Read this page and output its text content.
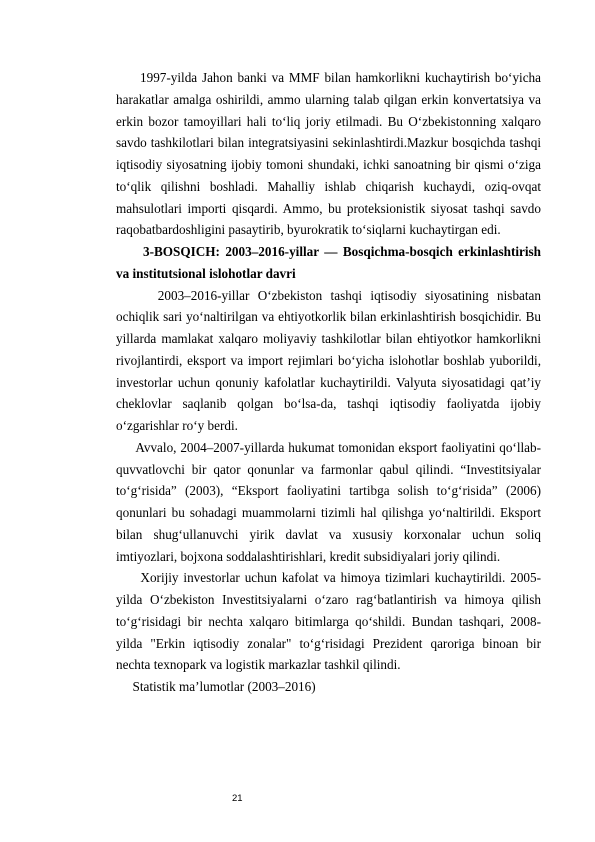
1997-yilda Jahon banki va MMF bilan hamkorlikni kuchaytirish bo‘yicha
harakatlar amalga oshirildi, ammo ularning talab qilgan erkin konvertatsiya va
erkin bozor tamoyillari hali to‘liq joriy etilmadi. Bu O‘zbekistonning xalqaro
savdo tashkilotlari bilan integratsiyasini sekinlashtirdi.Mazkur bosqichda tashqi
iqtisodiy siyosatning ijobiy tomoni shundaki, ichki sanoatning bir qismi o‘ziga
to‘qlik qilishni boshladi. Mahalliy ishlab chiqarish kuchaydi, oziq-ovqat
mahsulotlari importi qisqardi. Ammo, bu proteksionistik siyosat tashqi savdo
raqobatbardoshligini pasaytirib, byurokratik to‘siqlarni kuchaytirgan edi.
3-BOSQICH: 2003–2016-yillar — Bosqichma-bosqich erkinlashtirish
va institutsional islohotlar davri
2003–2016-yillar O‘zbekiston tashqi iqtisodiy siyosatining nisbatan
ochiqlik sari yo‘naltirilgan va ehtiyotkorlik bilan erkinlashtirish bosqichidir. Bu
yillarda mamlakat xalqaro moliyaviy tashkilotlar bilan ehtiyotkor hamkorlikni
rivojlantirdi, eksport va import rejimlari bo‘yicha islohotlar boshlab yuborildi,
investorlar uchun qonuniy kafolatlar kuchaytirildi. Valyuta siyosatidagi qat’iy
cheklovlar saqlanib qolgan bo‘lsa-da, tashqi iqtisodiy faoliyatda ijobiy
o‘zgarishlar ro‘y berdi.
Avvalo, 2004–2007-yillarda hukumat tomonidan eksport faoliyatini qo‘llab-
quvvatlovchi bir qator qonunlar va farmonlar qabul qilindi. “Investitsiyalar
to‘g‘risida” (2003), “Eksport faoliyatini tartibga solish to‘g‘risida” (2006)
qonunlari bu sohadagi muammolarni tizimli hal qilishga yo‘naltirildi. Eksport
bilan shug‘ullanuvchi yirik davlat va xususiy korxonalar uchun soliq
imtiyozlari, bojxona soddalashtirishlari, kredit subsidiyalari joriy qilindi.
Xorijiy investorlar uchun kafolat va himoya tizimlari kuchaytirildi. 2005-
yilda O‘zbekiston Investitsiyalarni o‘zaro rag‘batlantirish va himoya qilish
to‘g‘risidagi bir nechta xalqaro bitimlarga qo‘shildi. Bundan tashqari, 2008-
yilda "Erkin iqtisodiy zonalar" to‘g‘risidagi Prezident qaroriga binoan bir
nechta texnopark va logistik markazlar tashkil qilindi.
Statistik ma’lumotlar (2003–2016)
21
